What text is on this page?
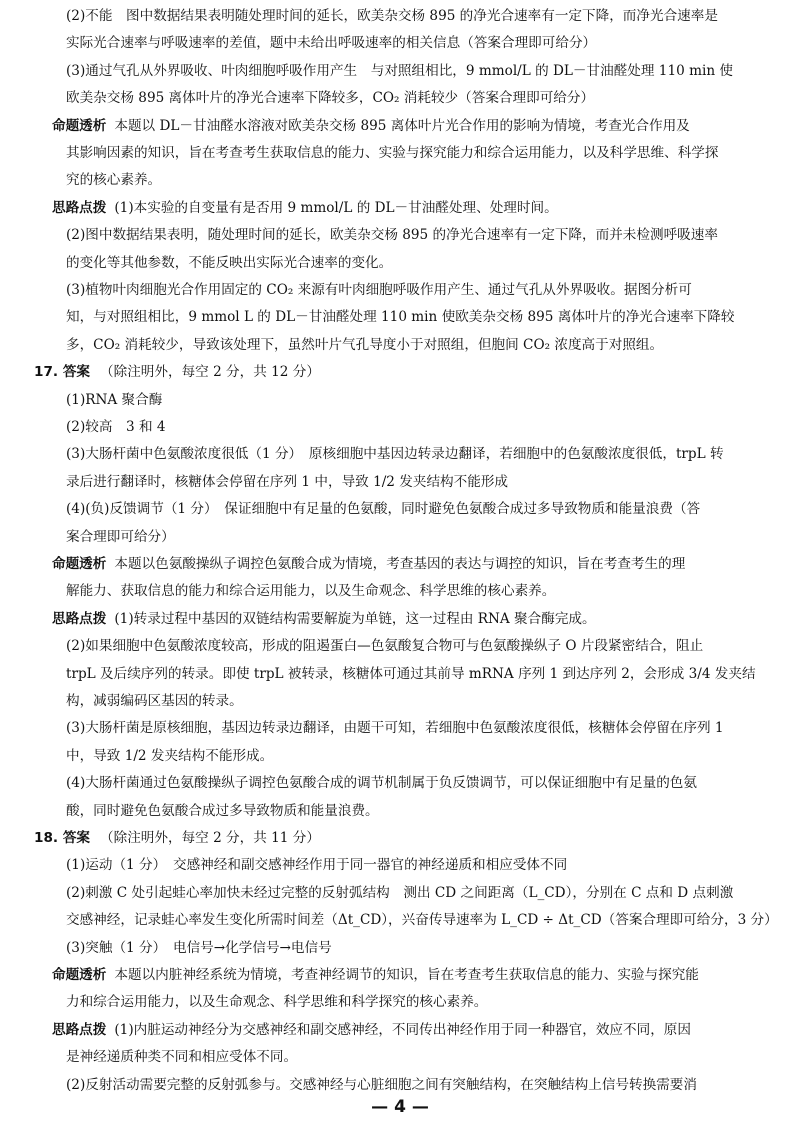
— 4 —
(2)不能　图中数据结果表明随处理时间的延长，欧美杂交杨 895 的净光合速率有一定下降，而净光合速率是
实际光合速率与呼吸速率的差值，题中未给出呼吸速率的相关信息（答案合理即可给分）
(3)通过气孔从外界吸收、叶肉细胞呼吸作用产生　与对照组相比，9 mmol/L 的 DL－甘油醛处理 110 min 使
欧美杂交杨 895 离体叶片的净光合速率下降较多，CO₂ 消耗较少（答案合理即可给分）
命题透析 本题以 DL－甘油醛水溶液对欧美杂交杨 895 离体叶片光合作用的影响为情境，考查光合作用及
其影响因素的知识，旨在考查考生获取信息的能力、实验与探究能力和综合运用能力，以及科学思维、科学探
究的核心素养。
思路点拨 (1)本实验的自变量有是否用 9 mmol/L 的 DL－甘油醛处理、处理时间。
(2)图中数据结果表明，随处理时间的延长，欧美杂交杨 895 的净光合速率有一定下降，而并未检测呼吸速率
的变化等其他参数，不能反映出实际光合速率的变化。
(3)植物叶肉细胞光合作用固定的 CO₂ 来源有叶肉细胞呼吸作用产生、通过气孔从外界吸收。据图分析可
知，与对照组相比，9 mmol L 的 DL－甘油醛处理 110 min 使欧美杂交杨 895 离体叶片的净光合速率下降较
多，CO₂ 消耗较少，导致该处理下，虽然叶片气孔导度小于对照组，但胞间 CO₂ 浓度高于对照组。
17. 答案 （除注明外，每空 2 分，共 12 分）
(1)RNA 聚合酶
(2)较高　3 和 4
(3)大肠杆菌中色氨酸浓度很低（1 分）　原核细胞中基因边转录边翻译，若细胞中的色氨酸浓度很低，trpL 转
录后进行翻译时，核糖体会停留在序列 1 中，导致 1/2 发夹结构不能形成
(4)(负)反馈调节（1 分）　保证细胞中有足量的色氨酸，同时避免色氨酸合成过多导致物质和能量浪费（答
案合理即可给分）
命题透析 本题以色氨酸操纵子调控色氨酸合成为情境，考查基因的表达与调控的知识，旨在考查考生的理
解能力、获取信息的能力和综合运用能力，以及生命观念、科学思维的核心素养。
思路点拨 (1)转录过程中基因的双链结构需要解旋为单链，这一过程由 RNA 聚合酶完成。
(2)如果细胞中色氨酸浓度较高，形成的阻遏蛋白—色氨酸复合物可与色氨酸操纵子 O 片段紧密结合，阻止
trpL 及后续序列的转录。即使 trpL 被转录，核糖体可通过其前导 mRNA 序列 1 到达序列 2，会形成 3/4 发夹结
构，减弱编码区基因的转录。
(3)大肠杆菌是原核细胞，基因边转录边翻译，由题干可知，若细胞中色氨酸浓度很低，核糖体会停留在序列 1
中，导致 1/2 发夹结构不能形成。
(4)大肠杆菌通过色氨酸操纵子调控色氨酸合成的调节机制属于负反馈调节，可以保证细胞中有足量的色氨
酸，同时避免色氨酸合成过多导致物质和能量浪费。
18. 答案 （除注明外，每空 2 分，共 11 分）
(1)运动（1 分）　交感神经和副交感神经作用于同一器官的神经递质和相应受体不同
(2)刺激 C 处引起蛙心率加快未经过完整的反射弧结构　测出 CD 之间距离（L_CD），分别在 C 点和 D 点刺激
交感神经，记录蛙心率发生变化所需时间差（Δt_CD），兴奋传导速率为 L_CD ÷ Δt_CD（答案合理即可给分，3 分）
(3)突触（1 分）　电信号→化学信号→电信号
命题透析 本题以内脏神经系统为情境，考查神经调节的知识，旨在考查考生获取信息的能力、实验与探究能
力和综合运用能力，以及生命观念、科学思维和科学探究的核心素养。
思路点拨 (1)内脏运动神经分为交感神经和副交感神经，不同传出神经作用于同一种器官，效应不同，原因
是神经递质种类不同和相应受体不同。
(2)反射活动需要完整的反射弧参与。交感神经与心脏细胞之间有突触结构，在突触结构上信号转换需要消
